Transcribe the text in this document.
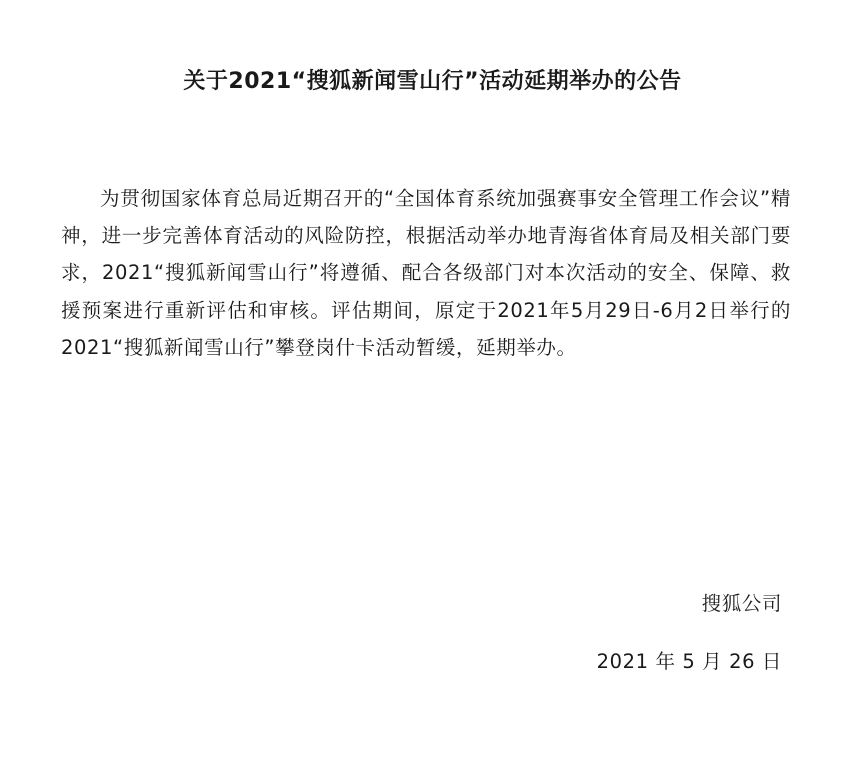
关于2021“搜狐新闻雪山行”活动延期举办的公告

为贯彻国家体育总局近期召开的“全国体育系统加强赛事安全管理工作会议”精神，进一步完善体育活动的风险防控，根据活动举办地青海省体育局及相关部门要求，2021“搜狐新闻雪山行”将遵循、配合各级部门对本次活动的安全、保障、救援预案进行重新评估和审核。评估期间，原定于2021年5月29日-6月2日举行的2021“搜狐新闻雪山行”攀登岗什卡活动暂缓，延期举办。

搜狐公司
2021 年 5 月 26 日
